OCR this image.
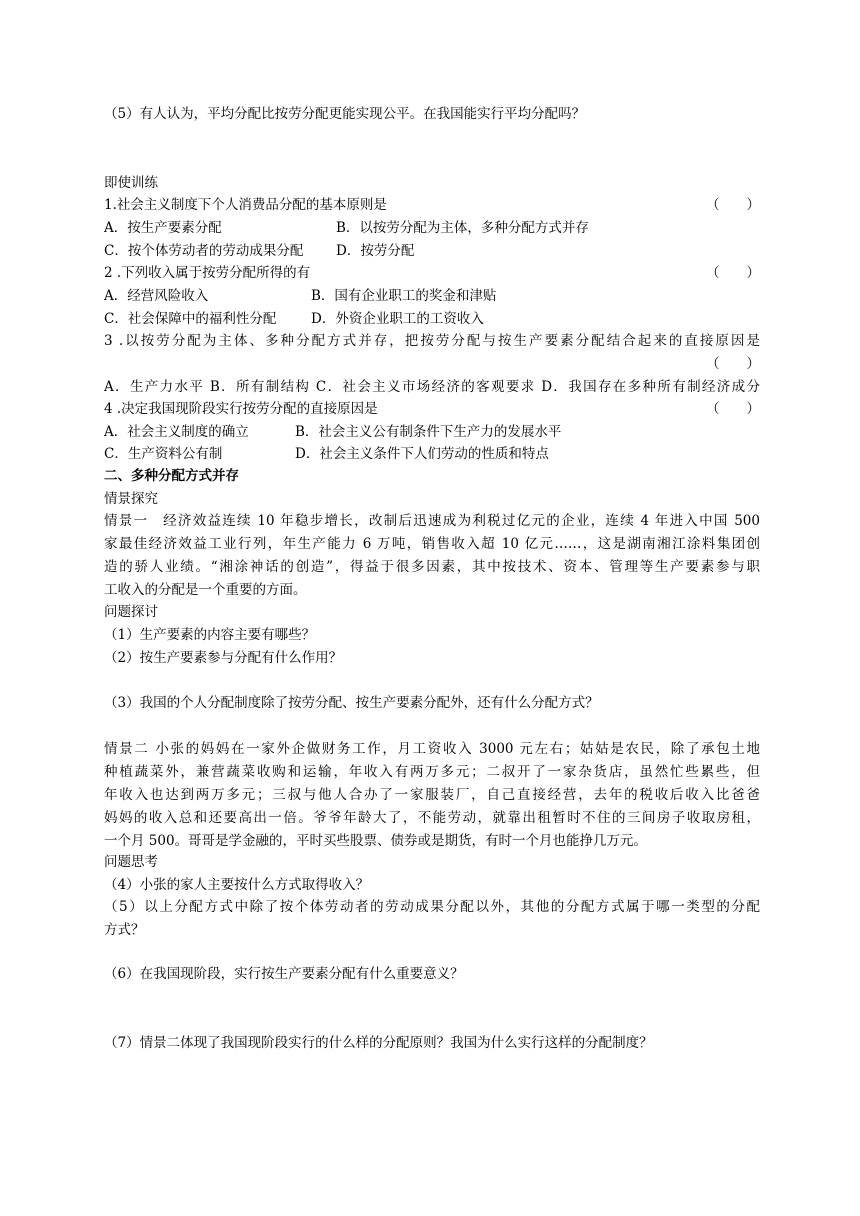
（5）有人认为，平均分配比按劳分配更能实现公平。在我国能实行平均分配吗？
即使训练
1.社会主义制度下个人消费品分配的基本原则是	（　　）
A．按生产要素分配	B．以按劳分配为主体，多种分配方式并存
C．按个体劳动者的劳动成果分配 D．按劳分配
2 .下列收入属于按劳分配所得的有	（　　）
A．经营风险收入	B．国有企业职工的奖金和津贴
C．社会保障中的福利性分配	D．外资企业职工的工资收入
3 .以按劳分配为主体、多种分配方式并存，把按劳分配与按生产要素分配结合起来的直接原因是
（　　）
A．生产力水平 B．所有制结构 C．社会主义市场经济的客观要求 D．我国存在多种所有制经济成分
4 .决定我国现阶段实行按劳分配的直接原因是	（　　）
A．社会主义制度的确立	B．社会主义公有制条件下生产力的发展水平
C．生产资料公有制	D．社会主义条件下人们劳动的性质和特点
二、多种分配方式并存
情景探究
情景一　经济效益连续 10 年稳步增长，改制后迅速成为利税过亿元的企业，连续 4 年进入中国 500
家最佳经济效益工业行列，年生产能力 6 万吨，销售收入超 10 亿元……，这是湖南湘江涂料集团创
造的骄人业绩。“湘涂神话的创造”，得益于很多因素，其中按技术、资本、管理等生产要素参与职
工收入的分配是一个重要的方面。
问题探讨
（1）生产要素的内容主要有哪些？
（2）按生产要素参与分配有什么作用？
（3）我国的个人分配制度除了按劳分配、按生产要素分配外，还有什么分配方式？
情景二 小张的妈妈在一家外企做财务工作，月工资收入 3000 元左右；姑姑是农民，除了承包土地
种植蔬菜外，兼营蔬菜收购和运输，年收入有两万多元；二叔开了一家杂货店，虽然忙些累些，但
年收入也达到两万多元；三叔与他人合办了一家服装厂，自己直接经营，去年的税收后收入比爸爸
妈妈的收入总和还要高出一倍。爷爷年龄大了，不能劳动，就靠出租暂时不住的三间房子收取房租，
一个月 500。哥哥是学金融的，平时买些股票、债券或是期货，有时一个月也能挣几万元。
问题思考
（4）小张的家人主要按什么方式取得收入？
（5）以上分配方式中除了按个体劳动者的劳动成果分配以外，其他的分配方式属于哪一类型的分配
方式？
（6）在我国现阶段，实行按生产要素分配有什么重要意义？
（7）情景二体现了我国现阶段实行的什么样的分配原则？我国为什么实行这样的分配制度？
